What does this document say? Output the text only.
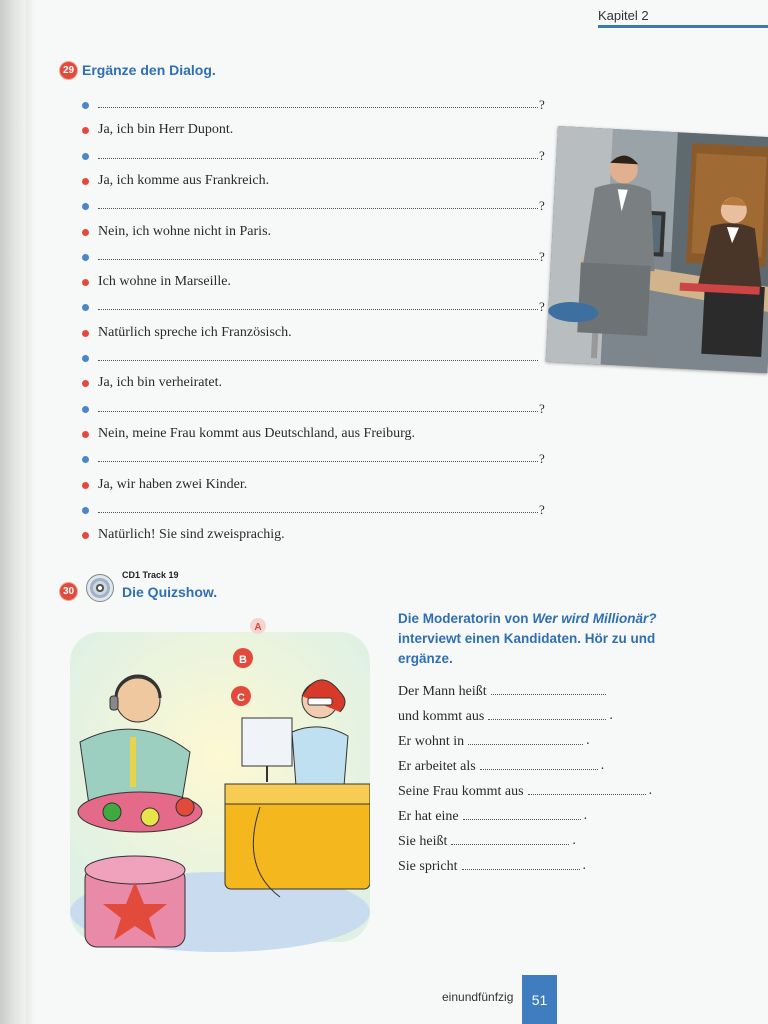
Kapitel 2
29 Ergänze den Dialog.
?
Ja, ich bin Herr Dupont.
?
Ja, ich komme aus Frankreich.
?
Nein, ich wohne nicht in Paris.
?
Ich wohne in Marseille.
?
Natürlich spreche ich Französisch.
Ja, ich bin verheiratet.
?
Nein, meine Frau kommt aus Deutschland, aus Freiburg.
?
Ja, wir haben zwei Kinder.
?
Natürlich! Sie sind zweisprachig.
30
CD1 Track 19
Die Quizshow.
Die Moderatorin von Wer wird Millionär? interviewt einen Kandidaten. Hör zu und ergänze.
Der Mann heißt
und kommt aus	.
Er wohnt in	.
Er arbeitet als	.
Seine Frau kommt aus	.
Er hat eine	.
Sie heißt	.
Sie spricht	.
A
B
C
einundfünfzig 51
